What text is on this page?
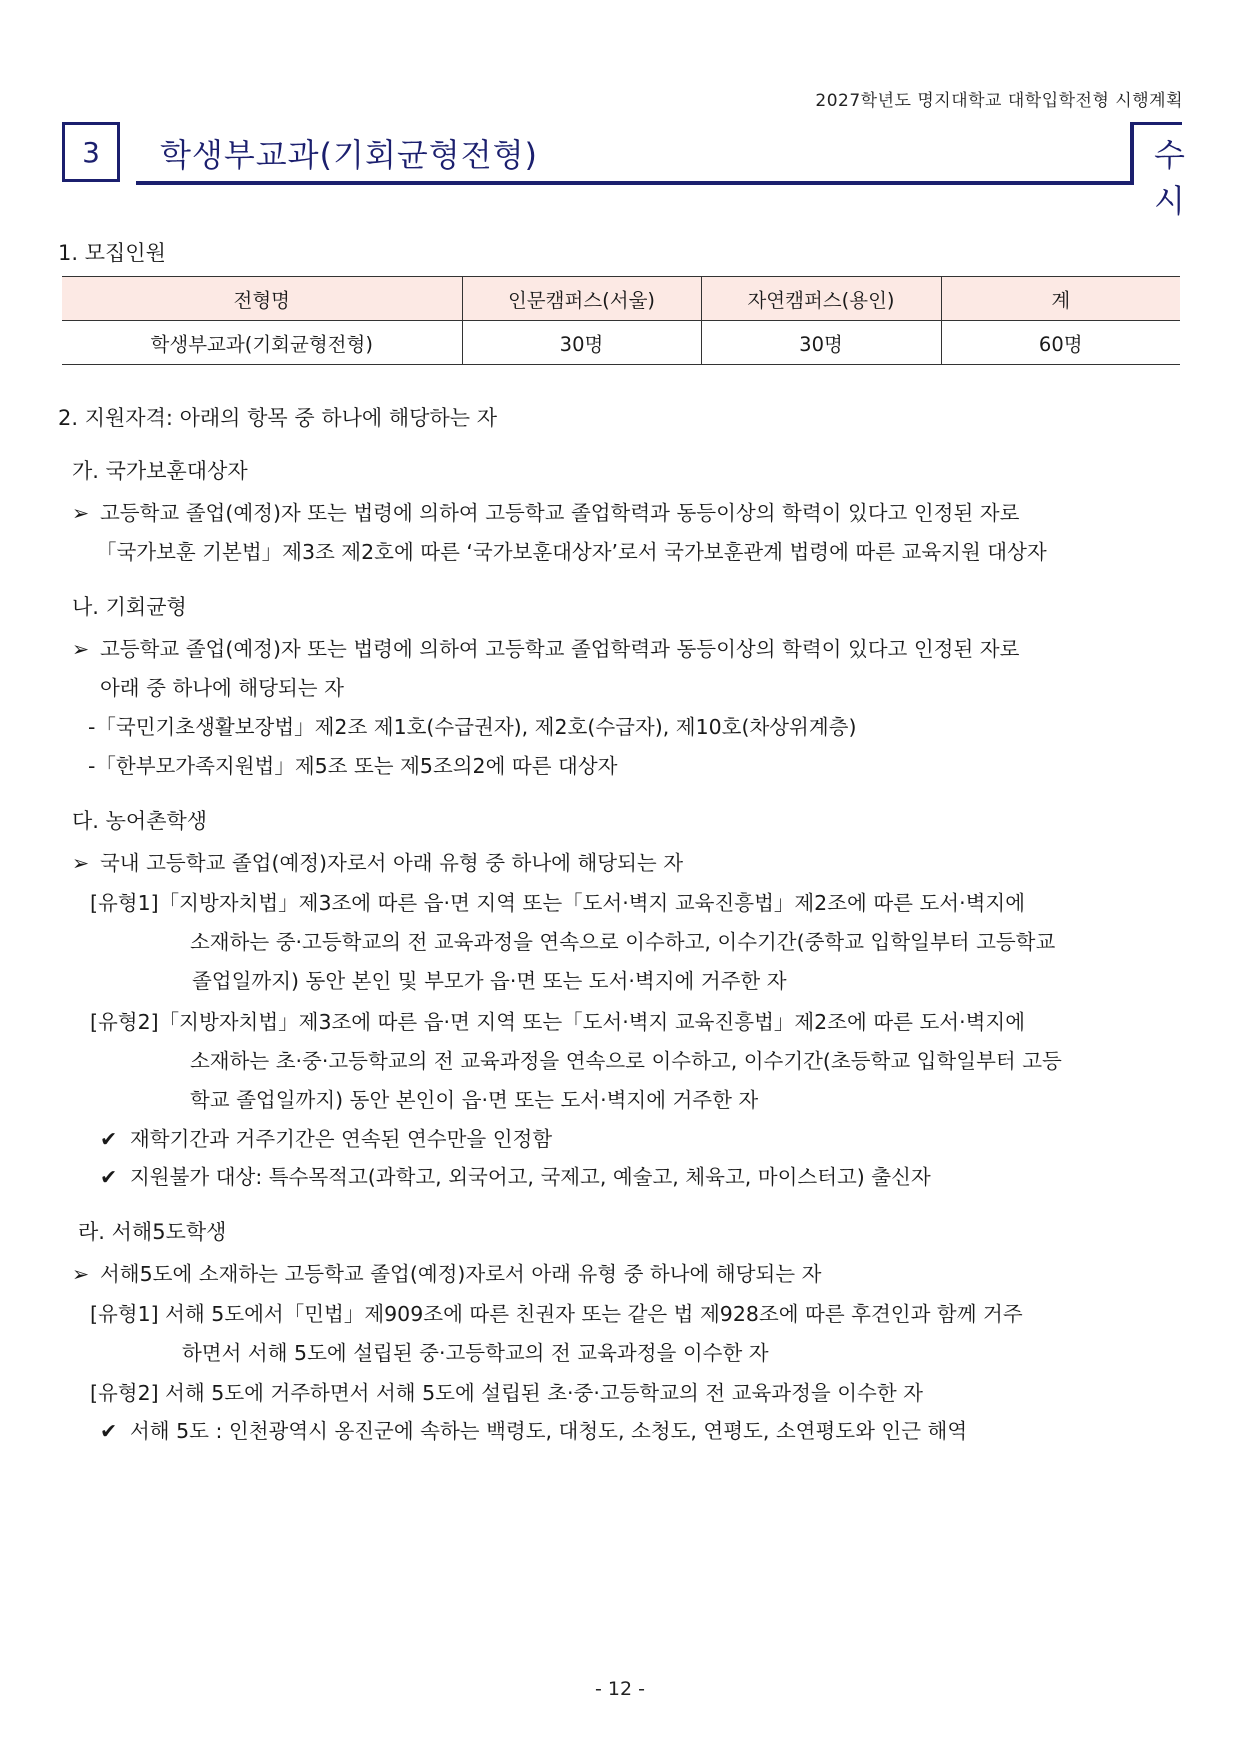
2027학년도 명지대학교 대학입학전형 시행계획
3	학생부교과(기회균형전형)	수시
1. 모집인원
전형명	인문캠퍼스(서울)	자연캠퍼스(용인)	계
학생부교과(기회균형전형)	30명	30명	60명
2. 지원자격: 아래의 항목 중 하나에 해당하는 자
가. 국가보훈대상자
➢ 고등학교 졸업(예정)자 또는 법령에 의하여 고등학교 졸업학력과 동등이상의 학력이 있다고 인정된 자로
「국가보훈 기본법」제3조 제2호에 따른 ‘국가보훈대상자’로서 국가보훈관계 법령에 따른 교육지원 대상자
나. 기회균형
➢ 고등학교 졸업(예정)자 또는 법령에 의하여 고등학교 졸업학력과 동등이상의 학력이 있다고 인정된 자로
아래 중 하나에 해당되는 자
-「국민기초생활보장법」제2조 제1호(수급권자), 제2호(수급자), 제10호(차상위계층)
-「한부모가족지원법」제5조 또는 제5조의2에 따른 대상자
다. 농어촌학생
➢ 국내 고등학교 졸업(예정)자로서 아래 유형 중 하나에 해당되는 자
[유형1]「지방자치법」제3조에 따른 읍·면 지역 또는「도서·벽지 교육진흥법」제2조에 따른 도서·벽지에
소재하는 중·고등학교의 전 교육과정을 연속으로 이수하고, 이수기간(중학교 입학일부터 고등학교
졸업일까지) 동안 본인 및 부모가 읍·면 또는 도서·벽지에 거주한 자
[유형2]「지방자치법」제3조에 따른 읍·면 지역 또는「도서·벽지 교육진흥법」제2조에 따른 도서·벽지에
소재하는 초·중·고등학교의 전 교육과정을 연속으로 이수하고, 이수기간(초등학교 입학일부터 고등
학교 졸업일까지) 동안 본인이 읍·면 또는 도서·벽지에 거주한 자
✔ 재학기간과 거주기간은 연속된 연수만을 인정함
✔ 지원불가 대상: 특수목적고(과학고, 외국어고, 국제고, 예술고, 체육고, 마이스터고) 출신자
라. 서해5도학생
➢ 서해5도에 소재하는 고등학교 졸업(예정)자로서 아래 유형 중 하나에 해당되는 자
[유형1] 서해 5도에서「민법」제909조에 따른 친권자 또는 같은 법 제928조에 따른 후견인과 함께 거주
하면서 서해 5도에 설립된 중·고등학교의 전 교육과정을 이수한 자
[유형2] 서해 5도에 거주하면서 서해 5도에 설립된 초·중·고등학교의 전 교육과정을 이수한 자
✔ 서해 5도 : 인천광역시 옹진군에 속하는 백령도, 대청도, 소청도, 연평도, 소연평도와 인근 해역
- 12 -
